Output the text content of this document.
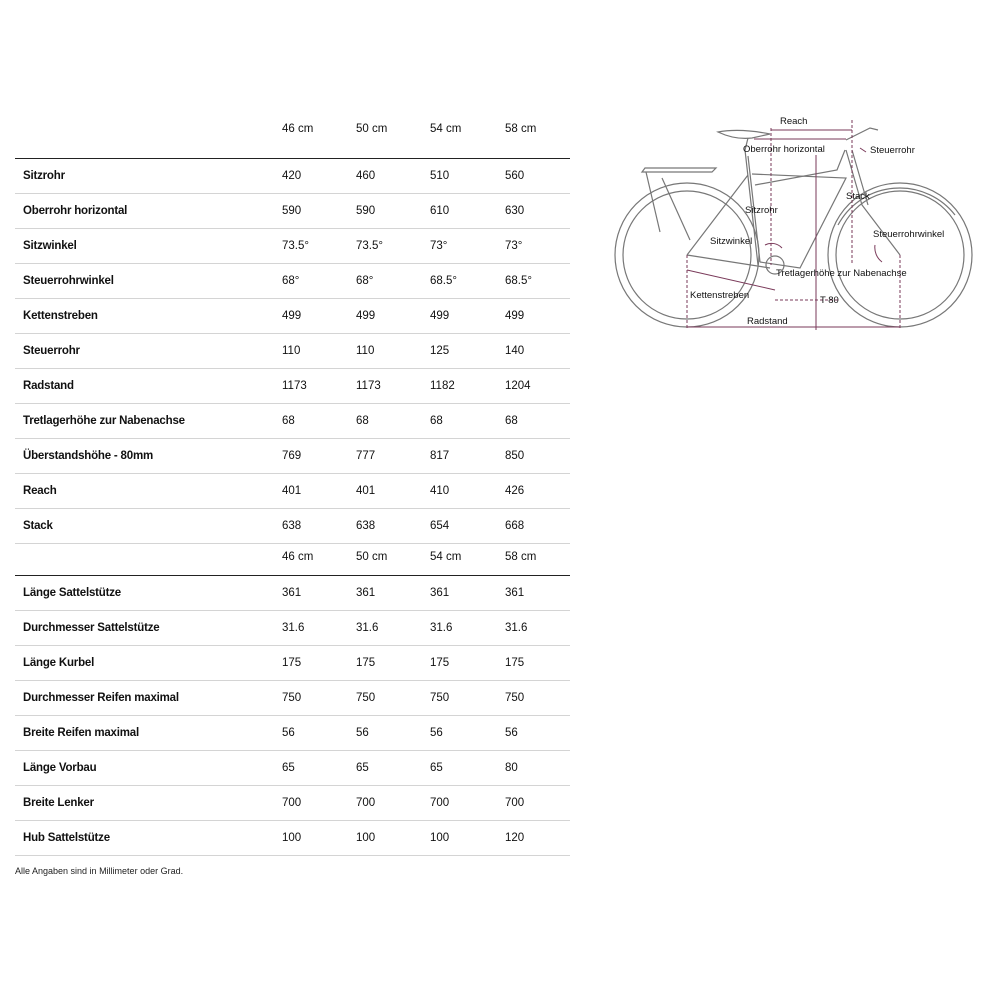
46 cm	50 cm	54 cm	58 cm
Sitzrohr	420	460	510	560
Oberrohr horizontal	590	590	610	630
Sitzwinkel	73.5°	73.5°	73°	73°
Steuerrohrwinkel	68°	68°	68.5°	68.5°
Kettenstreben	499	499	499	499
Steuerrohr	110	110	125	140
Radstand	1173	1173	1182	1204
Tretlagerhöhe zur Nabenachse	68	68	68	68
Überstandshöhe - 80mm	769	777	817	850
Reach	401	401	410	426
Stack	638	638	654	668
46 cm	50 cm	54 cm	58 cm
Länge Sattelstütze	361	361	361	361
Durchmesser Sattelstütze	31.6	31.6	31.6	31.6
Länge Kurbel	175	175	175	175
Durchmesser Reifen maximal	750	750	750	750
Breite Reifen maximal	56	56	56	56
Länge Vorbau	65	65	65	80
Breite Lenker	700	700	700	700
Hub Sattelstütze	100	100	100	120
Alle Angaben sind in Millimeter oder Grad.
Reach
Oberrohr horizontal	Steuerrohr
Stack
Sitzrohr
Sitzwinkel
Steuerrohrwinkel
Tretlagerhöhe zur Nabenachse
Kettenstreben	T 80
Radstand
